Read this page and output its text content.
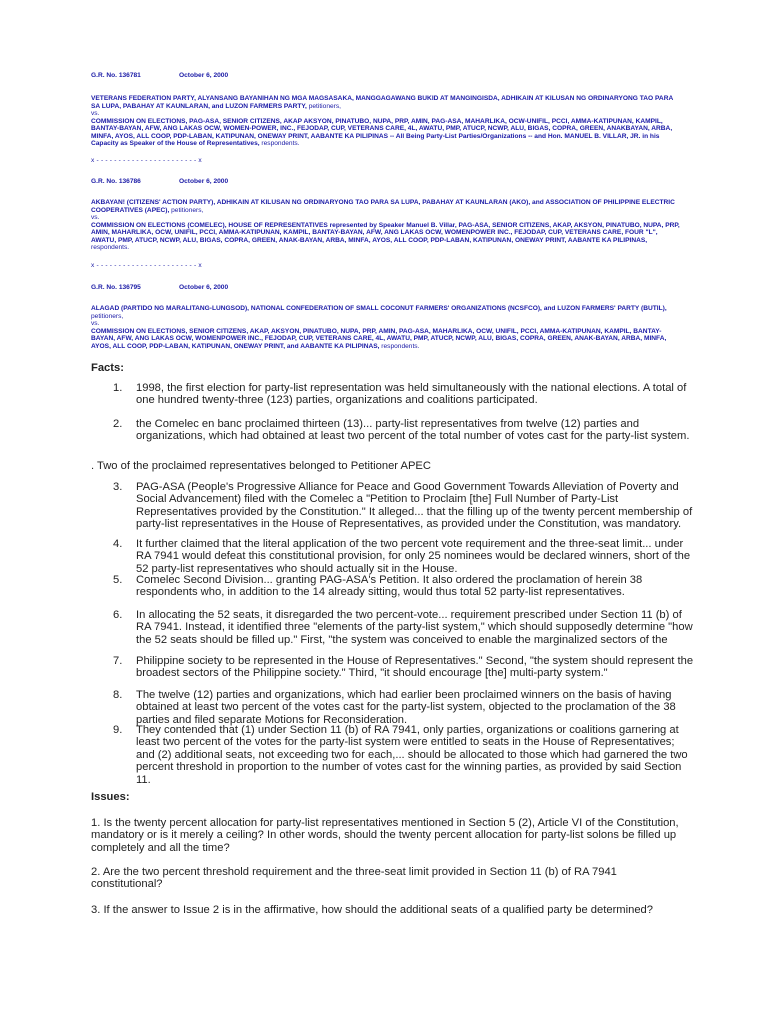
G.R. No. 136781	October 6, 2000
VETERANS FEDERATION PARTY, ALYANSANG BAYANIHAN NG MGA MAGSASAKA, MANGGAGAWANG BUKID AT MANGINGISDA, ADHIKAIN AT KILUSAN NG ORDINARYONG TAO PARA SA LUPA, PABAHAY AT KAUNLARAN, and LUZON FARMERS PARTY, petitioners,
vs.
COMMISSION ON ELECTIONS, PAG-ASA, SENIOR CITIZENS, AKAP AKSYON, PINATUBO, NUPA, PRP, AMIN, PAG-ASA, MAHARLIKA, OCW-UNIFIL, PCCI, AMMA-KATIPUNAN, KAMPIL, BANTAY-BAYAN, AFW, ANG LAKAS OCW, WOMEN-POWER, INC., FEJODAP, CUP, VETERANS CARE, 4L, AWATU, PMP, ATUCP, NCWP, ALU, BIGAS, COPRA, GREEN, ANAKBAYAN, ARBA, MINFA, AYOS, ALL COOP, PDP-LABAN, KATIPUNAN, ONEWAY PRINT, AABANTE KA PILIPINAS -- All Being Party-List Parties/Organizations -- and Hon. MANUEL B. VILLAR, JR. in his Capacity as Speaker of the House of Representatives, respondents.
x - - - - - - - - - - - - - - - - - - - - - - - x
G.R. No. 136786	October 6, 2000
AKBAYAN! (CITIZENS' ACTION PARTY), ADHIKAIN AT KILUSAN NG ORDINARYONG TAO PARA SA LUPA, PABAHAY AT KAUNLARAN (AKO), and ASSOCIATION OF PHILIPPINE ELECTRIC COOPERATIVES (APEC), petitioners,
vs.
COMMISSION ON ELECTIONS (COMELEC), HOUSE OF REPRESENTATIVES represented by Speaker Manuel B. Villar, PAG-ASA, SENIOR CITIZENS, AKAP, AKSYON, PINATUBO, NUPA, PRP, AMIN, MAHARLIKA, OCW, UNIFIL, PCCI, AMMA-KATIPUNAN, KAMPIL, BANTAY-BAYAN, AFW, ANG LAKAS OCW, WOMENPOWER INC., FEJODAP, CUP, VETERANS CARE, FOUR "L", AWATU, PMP, ATUCP, NCWP, ALU, BIGAS, COPRA, GREEN, ANAK-BAYAN, ARBA, MINFA, AYOS, ALL COOP, PDP-LABAN, KATIPUNAN, ONEWAY PRINT, AABANTE KA PILIPINAS, respondents.
x - - - - - - - - - - - - - - - - - - - - - - - x
G.R. No. 136795	October 6, 2000
ALAGAD (PARTIDO NG MARALITANG-LUNGSOD), NATIONAL CONFEDERATION OF SMALL COCONUT FARMERS' ORGANIZATIONS (NCSFCO), and LUZON FARMERS' PARTY (BUTIL), petitioners,
vs.
COMMISSION ON ELECTIONS, SENIOR CITIZENS, AKAP, AKSYON, PINATUBO, NUPA, PRP, AMIN, PAG-ASA, MAHARLIKA, OCW, UNIFIL, PCCI, AMMA-KATIPUNAN, KAMPIL, BANTAY-BAYAN, AFW, ANG LAKAS OCW, WOMENPOWER INC., FEJODAP, CUP, VETERANS CARE, 4L, AWATU, PMP, ATUCP, NCWP, ALU, BIGAS, COPRA, GREEN, ANAK-BAYAN, ARBA, MINFA, AYOS, ALL COOP, PDP-LABAN, KATIPUNAN, ONEWAY PRINT, and AABANTE KA PILIPINAS, respondents.
Facts:
1. 1998, the first election for party-list representation was held simultaneously with the national elections. A total of one hundred twenty-three (123) parties, organizations and coalitions participated.
2. the Comelec en banc proclaimed thirteen (13)... party-list representatives from twelve (12) parties and organizations, which had obtained at least two percent of the total number of votes cast for the party-list system.
. Two of the proclaimed representatives belonged to Petitioner APEC
3. PAG-ASA (People's Progressive Alliance for Peace and Good Government Towards Alleviation of Poverty and Social Advancement) filed with the Comelec a "Petition to Proclaim [the] Full Number of Party-List Representatives provided by the Constitution." It alleged... that the filling up of the twenty percent membership of party-list representatives in the House of Representatives, as provided under the Constitution, was mandatory.
4. It further claimed that the literal application of the two percent vote requirement and the three-seat limit... under RA 7941 would defeat this constitutional provision, for only 25 nominees would be declared winners, short of the 52 party-list representatives who should actually sit in the House.
5. Comelec Second Division... granting PAG-ASA's Petition. It also ordered the proclamation of herein 38 respondents who, in addition to the 14 already sitting, would thus total 52 party-list representatives.
6. In allocating the 52 seats, it disregarded the two percent-vote... requirement prescribed under Section 11 (b) of RA 7941. Instead, it identified three "elements of the party-list system," which should supposedly determine "how the 52 seats should be filled up." First, "the system was conceived to enable the marginalized sectors of the
7. Philippine society to be represented in the House of Representatives." Second, "the system should represent the broadest sectors of the Philippine society." Third, "it should encourage [the] multi-party system."
8. The twelve (12) parties and organizations, which had earlier been proclaimed winners on the basis of having obtained at least two percent of the votes cast for the party-list system, objected to the proclamation of the 38 parties and filed separate Motions for Reconsideration.
9. They contended that (1) under Section 11 (b) of RA 7941, only parties, organizations or coalitions garnering at least two percent of the votes for the party-list system were entitled to seats in the House of Representatives; and (2) additional seats, not exceeding two for each,... should be allocated to those which had garnered the two percent threshold in proportion to the number of votes cast for the winning parties, as provided by said Section 11.
Issues:
1. Is the twenty percent allocation for party-list representatives mentioned in Section 5 (2), Article VI of the Constitution, mandatory or is it merely a ceiling? In other words, should the twenty percent allocation for party-list solons be filled up completely and all the time?
2. Are the two percent threshold requirement and the three-seat limit provided in Section 11 (b) of RA 7941 constitutional?
3. If the answer to Issue 2 is in the affirmative, how should the additional seats of a qualified party be determined?
